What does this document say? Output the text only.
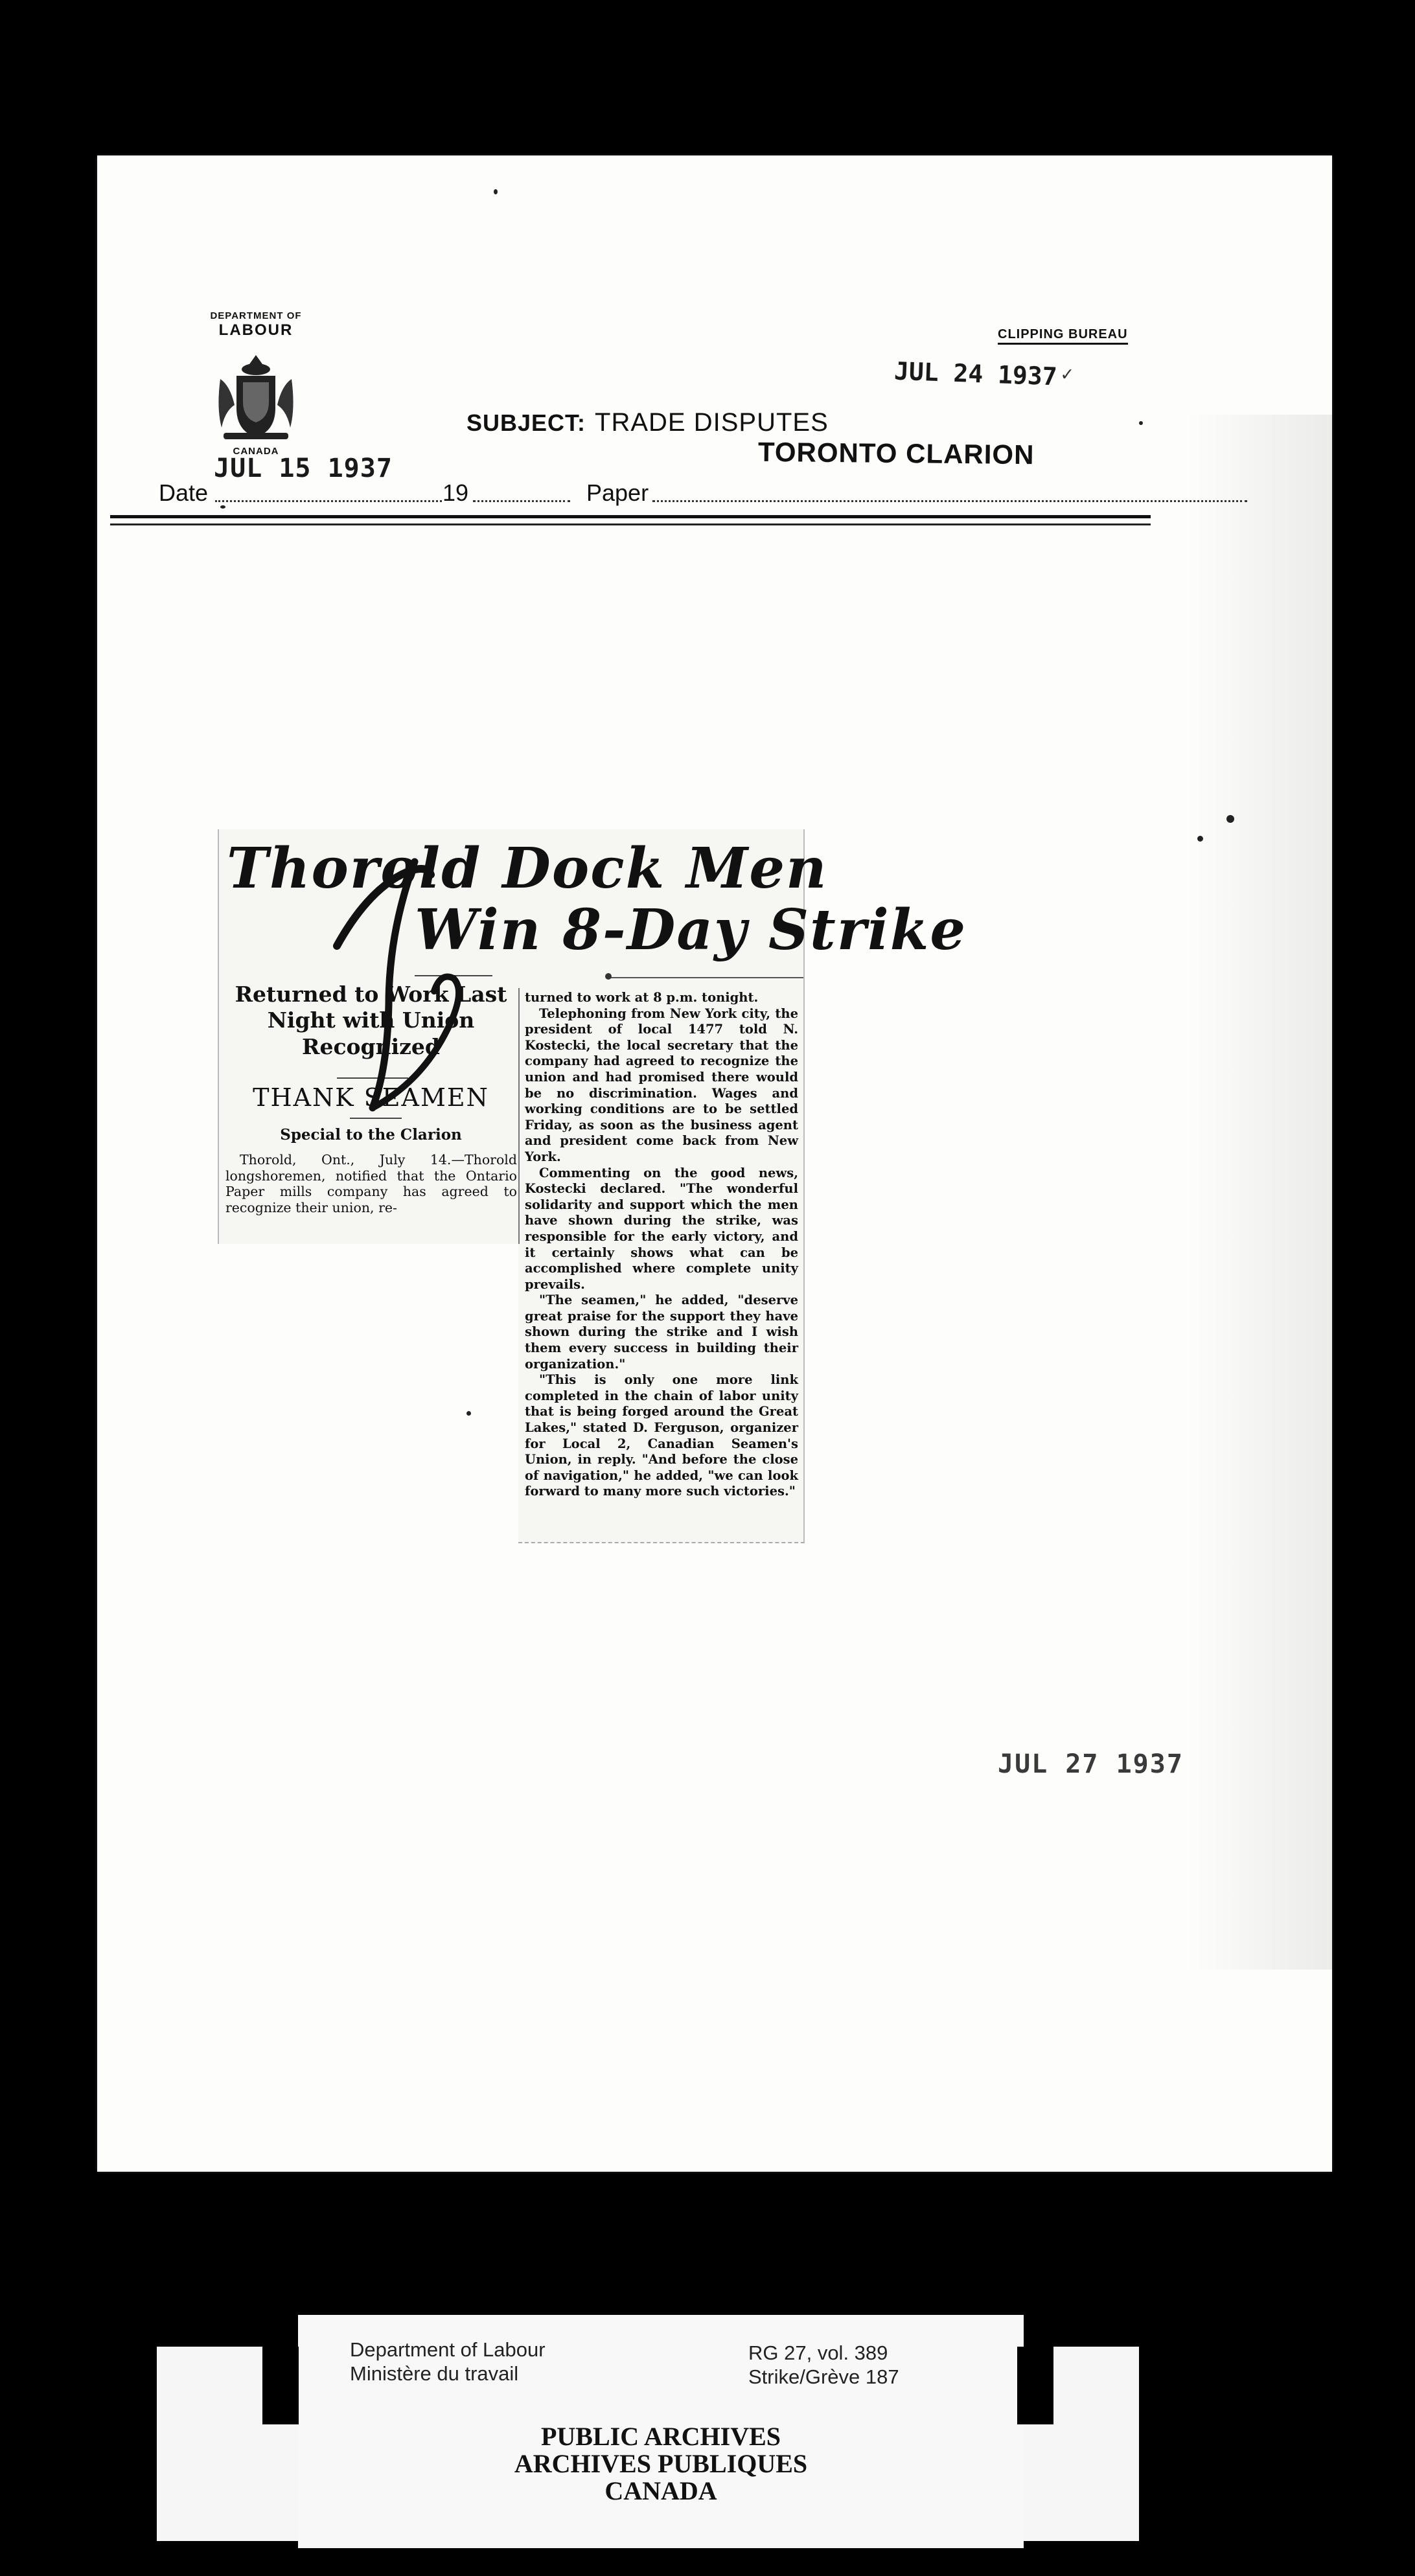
DEPARTMENT OF
LABOUR
CANADA
JUL 15 1937
JUL 24 1937 ✓
CLIPPING BUREAU
SUBJECT: TRADE DISPUTES
TORONTO CLARION
Date	19	Paper
Thorold Dock Men
Win 8-Day Strike
Returned to Work Last Night with Union Recognized
THANK SEAMEN
Special to the Clarion

Thorold, Ont., July 14.—Thorold longshoremen, notified that the Ontario Paper mills company has agreed to recognize their union, re-

turned to work at 8 p.m. tonight.

Telephoning from New York city, the president of local 1477 told N. Kostecki, the local secretary that the company had agreed to recognize the union and had promised there would be no discrimination. Wages and working conditions are to be settled Friday, as soon as the business agent and president come back from New York.

Commenting on the good news, Kostecki declared. "The wonderful solidarity and support which the men have shown during the strike, was responsible for the early victory, and it certainly shows what can be accomplished where complete unity prevails.

"The seamen," he added, "deserve great praise for the support they have shown during the strike and I wish them every success in building their organization."

"This is only one more link completed in the chain of labor unity that is being forged around the Great Lakes," stated D. Ferguson, organizer for Local 2, Canadian Seamen's Union, in reply. "And before the close of navigation," he added, "we can look forward to many more such victories."

JUL 27 1937
Department of Labour
Ministère du travail
RG 27, vol. 389
Strike/Grève 187
PUBLIC ARCHIVES
ARCHIVES PUBLIQUES
CANADA
